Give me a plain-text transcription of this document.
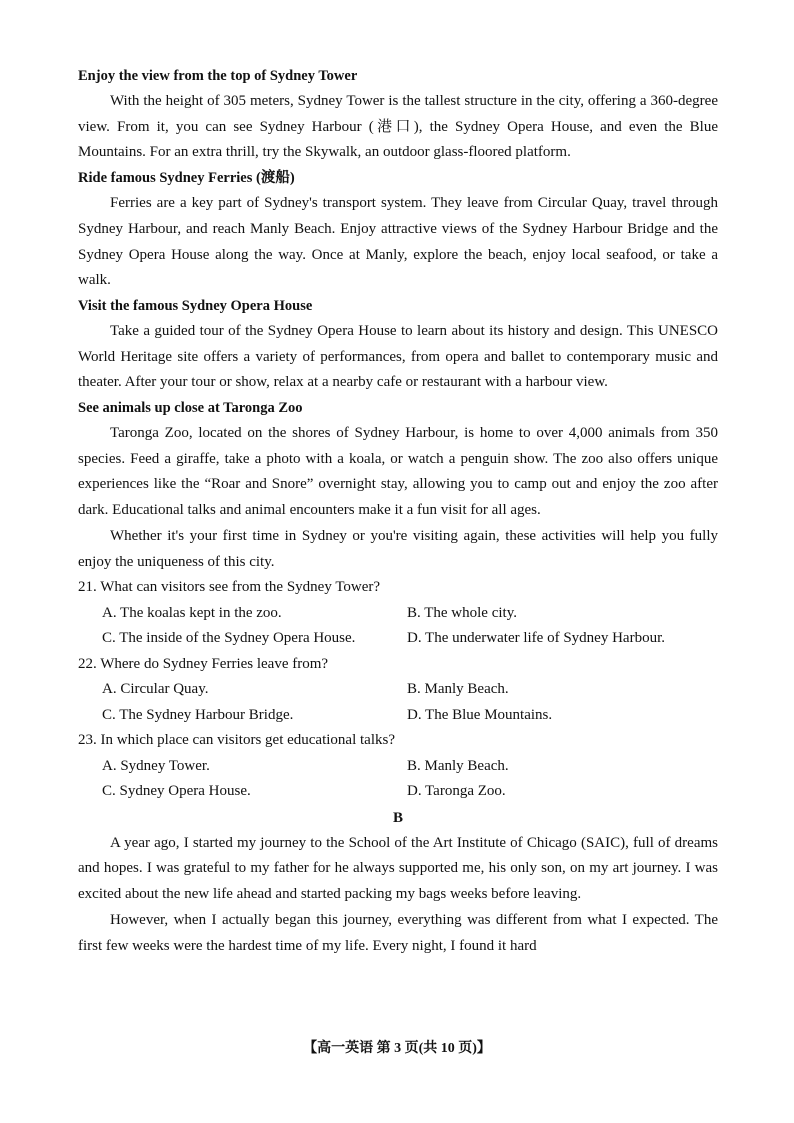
Enjoy the view from the top of Sydney Tower

With the height of 305 meters, Sydney Tower is the tallest structure in the city, offering a 360-degree view. From it, you can see Sydney Harbour (港口), the Sydney Opera House, and even the Blue Mountains. For an extra thrill, try the Skywalk, an outdoor glass-floored platform.

Ride famous Sydney Ferries (渡船)

Ferries are a key part of Sydney's transport system. They leave from Circular Quay, travel through Sydney Harbour, and reach Manly Beach. Enjoy attractive views of the Sydney Harbour Bridge and the Sydney Opera House along the way. Once at Manly, explore the beach, enjoy local seafood, or take a walk.

Visit the famous Sydney Opera House

Take a guided tour of the Sydney Opera House to learn about its history and design. This UNESCO World Heritage site offers a variety of performances, from opera and ballet to contemporary music and theater. After your tour or show, relax at a nearby cafe or restaurant with a harbour view.

See animals up close at Taronga Zoo

Taronga Zoo, located on the shores of Sydney Harbour, is home to over 4,000 animals from 350 species. Feed a giraffe, take a photo with a koala, or watch a penguin show. The zoo also offers unique experiences like the “Roar and Snore” overnight stay, allowing you to camp out and enjoy the zoo after dark. Educational talks and animal encounters make it a fun visit for all ages.

Whether it's your first time in Sydney or you're visiting again, these activities will help you fully enjoy the uniqueness of this city.

21. What can visitors see from the Sydney Tower?

A. The koalas kept in the zoo.	B. The whole city.
C. The inside of the Sydney Opera House.	D. The underwater life of Sydney Harbour.

22. Where do Sydney Ferries leave from?

A. Circular Quay.	B. Manly Beach.
C. The Sydney Harbour Bridge.	D. The Blue Mountains.

23. In which place can visitors get educational talks?

A. Sydney Tower.	B. Manly Beach.
C. Sydney Opera House.	D. Taronga Zoo.

B

A year ago, I started my journey to the School of the Art Institute of Chicago (SAIC), full of dreams and hopes. I was grateful to my father for he always supported me, his only son, on my art journey. I was excited about the new life ahead and started packing my bags weeks before leaving.

However, when I actually began this journey, everything was different from what I expected. The first few weeks were the hardest time of my life. Every night, I found it hard

【高一英语 第 3 页(共 10 页)】
